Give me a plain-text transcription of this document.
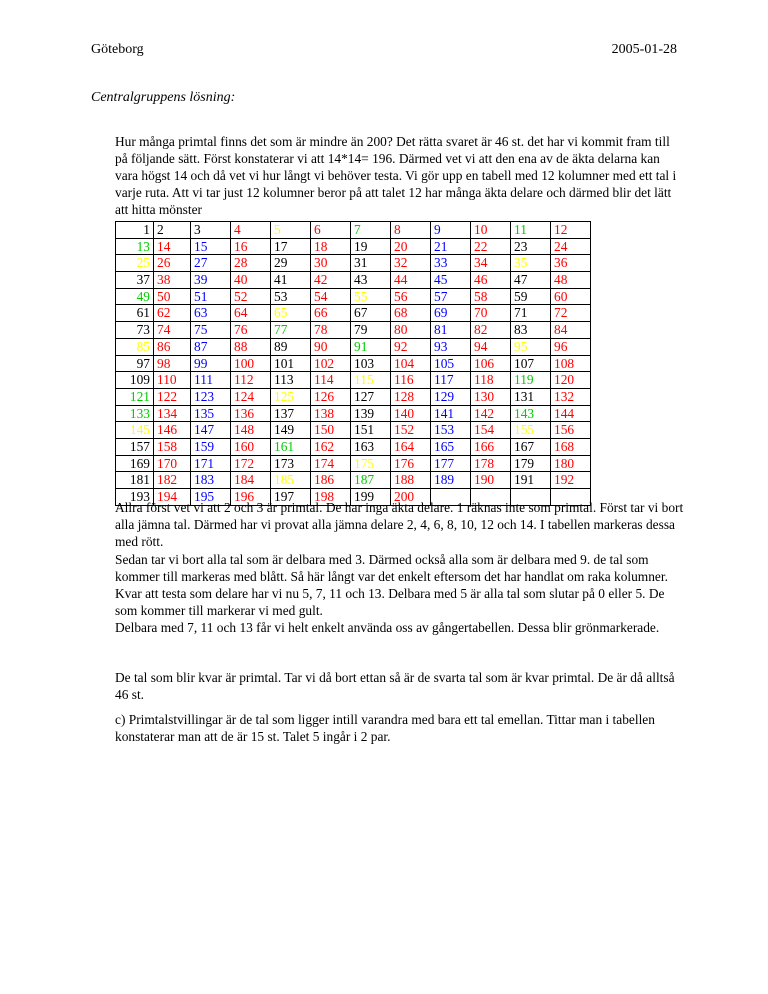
Göteborg	2005-01-28
Centralgruppens lösning:

Hur många primtal finns det som är mindre än 200? Det rätta svaret är 46 st. det har vi kommit fram till på följande sätt. Först konstaterar vi att 14*14= 196. Därmed vet vi att den ena av de äkta delarna kan vara högst 14 och då vet vi hur långt vi behöver testa. Vi gör upp en tabell med 12 kolumner med ett tal i varje ruta. Att vi tar just 12 kolumner beror på att talet 12 har många äkta delare och därmed blir det lätt att hitta mönster

1	2	3	4	5	6	7	8	9	10	11	12
13	14	15	16	17	18	19	20	21	22	23	24
25	26	27	28	29	30	31	32	33	34	35	36
37	38	39	40	41	42	43	44	45	46	47	48
49	50	51	52	53	54	55	56	57	58	59	60
61	62	63	64	65	66	67	68	69	70	71	72
73	74	75	76	77	78	79	80	81	82	83	84
85	86	87	88	89	90	91	92	93	94	95	96
97	98	99	100	101	102	103	104	105	106	107	108
109	110	111	112	113	114	115	116	117	118	119	120
121	122	123	124	125	126	127	128	129	130	131	132
133	134	135	136	137	138	139	140	141	142	143	144
145	146	147	148	149	150	151	152	153	154	155	156
157	158	159	160	161	162	163	164	165	166	167	168
169	170	171	172	173	174	175	176	177	178	179	180
181	182	183	184	185	186	187	188	189	190	191	192
193	194	195	196	197	198	199	200				

Allra först vet vi att 2 och 3 är primtal. De har inga äkta delare. 1 räknas inte som primtal. Först tar vi bort alla jämna tal. Därmed har vi provat alla jämna delare 2, 4, 6, 8, 10, 12 och 14. I tabellen markeras dessa med rött.

Sedan tar vi bort alla tal som är delbara med 3. Därmed också alla som är delbara med 9. de tal som kommer till markeras med blått. Så här långt var det enkelt eftersom det har handlat om raka kolumner. Kvar att testa som delare har vi nu 5, 7, 11 och 13. Delbara med 5 är alla tal som slutar på 0 eller 5. De som kommer till markerar vi med gult.

Delbara med 7, 11 och 13 får vi helt enkelt använda oss av gångertabellen. Dessa blir grönmarkerade.

De tal som blir kvar är primtal. Tar vi då bort ettan så är de svarta tal som är kvar primtal. De är då alltså 46 st.

c) Primtalstvillingar är de tal som ligger intill varandra med bara ett tal emellan. Tittar man i tabellen konstaterar man att de är 15 st. Talet 5 ingår i 2 par.
